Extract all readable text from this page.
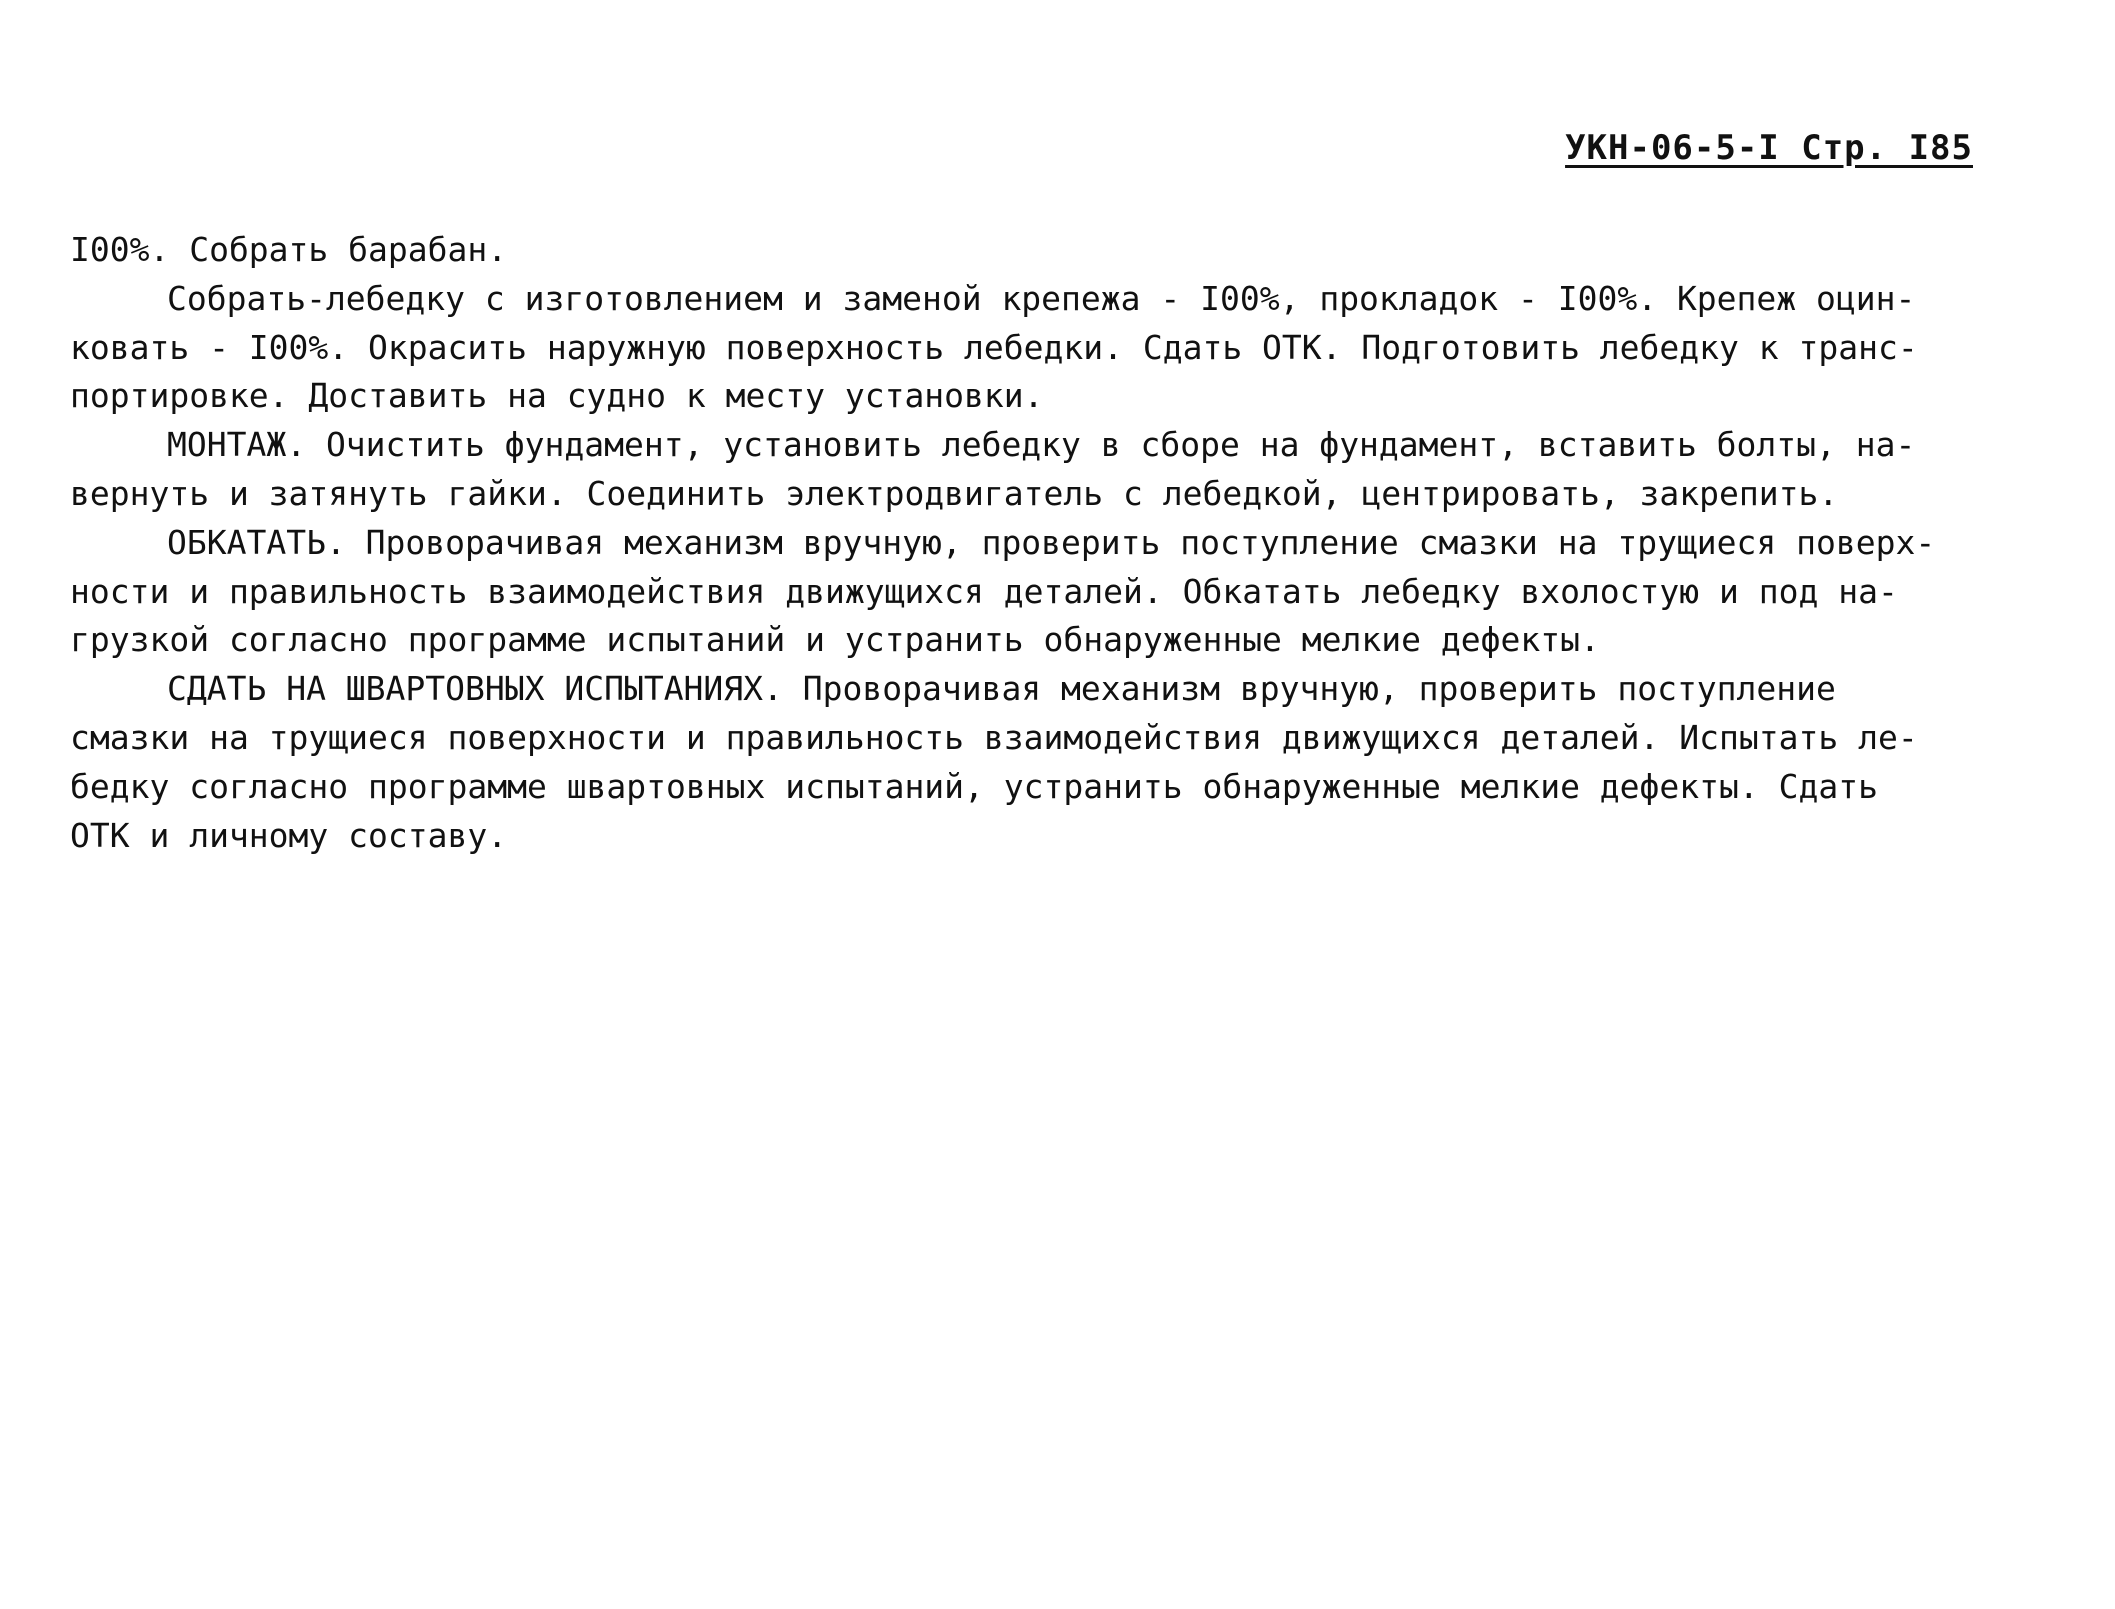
УКН-06-5-I Стр. I85
I00%. Собрать барабан.
Собрать-лебедку с изготовлением и заменой крепежа - I00%, прокладок - I00%. Крепеж оцин-
ковать - I00%. Окрасить наружную поверхность лебедки. Сдать ОТК. Подготовить лебедку к транс-
портировке. Доставить на судно к месту установки.
МОНТАЖ. Очистить фундамент, установить лебедку в сборе на фундамент, вставить болты, на-
вернуть и затянуть гайки. Соединить электродвигатель с лебедкой, центрировать, закрепить.
ОБКАТАТЬ. Проворачивая механизм вручную, проверить поступление смазки на трущиеся поверх-
ности и правильность взаимодействия движущихся деталей. Обкатать лебедку вхолостую и под на-
грузкой согласно программе испытаний и устранить обнаруженные мелкие дефекты.
СДАТЬ НА ШВАРТОВНЫХ ИСПЫТАНИЯХ. Проворачивая механизм вручную, проверить поступление
смазки на трущиеся поверхности и правильность взаимодействия движущихся деталей. Испытать ле-
бедку согласно программе швартовных испытаний, устранить обнаруженные мелкие дефекты. Сдать
ОТК и личному составу.
